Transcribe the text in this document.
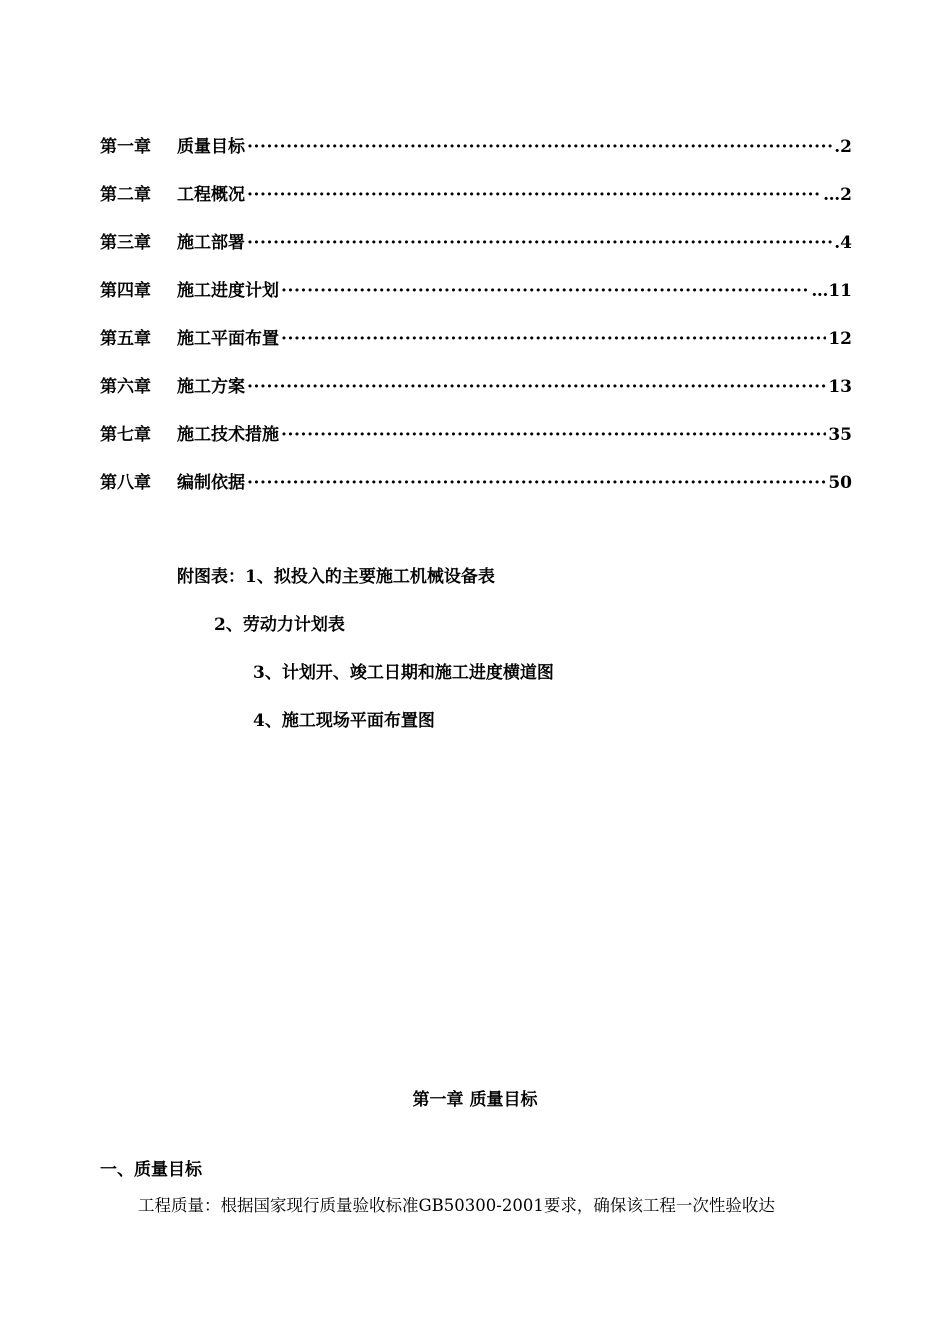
第一章	质量目标 ·····	.2
第二章	工程概况 ·····	…2
第三章	施工部署 ·····	.4
第四章	施工进度计划 ·····	…11
第五章	施工平面布置 ·····	12
第六章	施工方案 ·····	13
第七章	施工技术措施 ·····	35
第八章	编制依据 ·····	50
附图表：1、拟投入的主要施工机械设备表
2、劳动力计划表
3、计划开、竣工日期和施工进度横道图
4、施工现场平面布置图
第一章 质量目标
一、质量目标
工程质量：根据国家现行质量验收标准GB50300-2001要求，确保该工程一次性验收达
